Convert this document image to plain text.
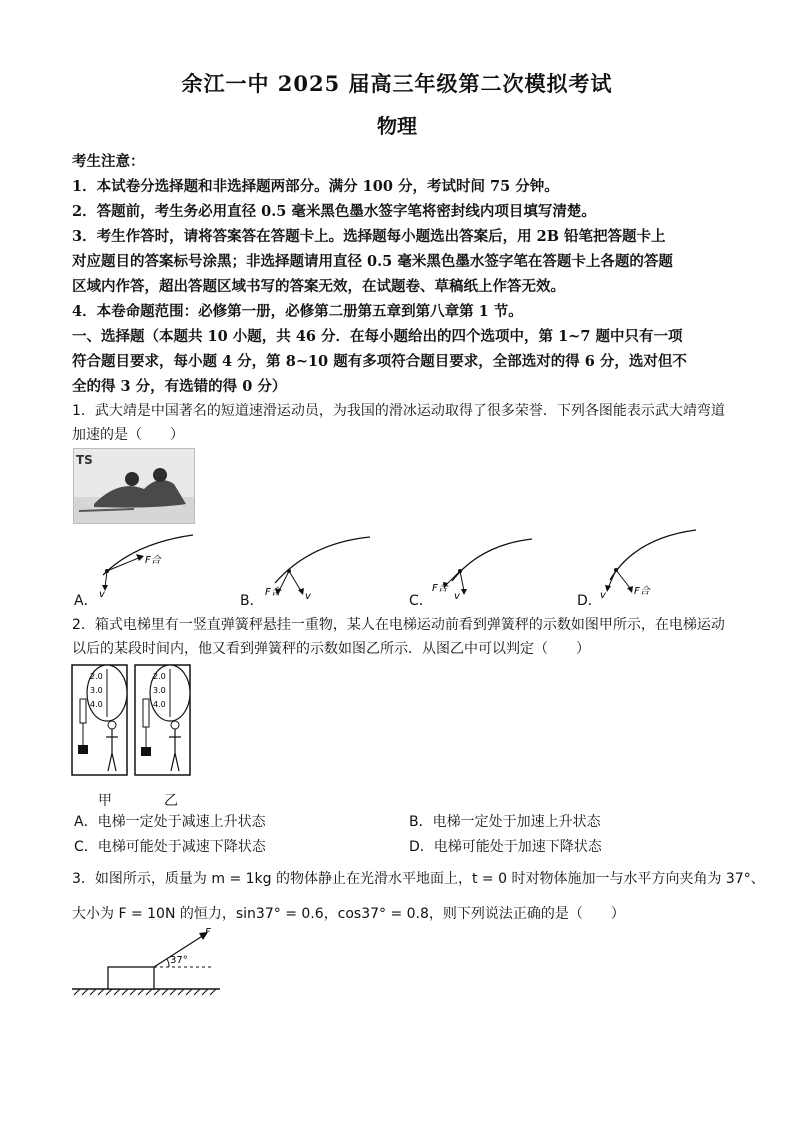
余江一中 2025 届高三年级第二次模拟考试
物理
考生注意：
1．本试卷分选择题和非选择题两部分。满分 100 分，考试时间 75 分钟。
2．答题前，考生务必用直径 0.5 毫米黑色墨水签字笔将密封线内项目填写清楚。
3．考生作答时，请将答案答在答题卡上。选择题每小题选出答案后，用 2B 铅笔把答题卡上
对应题目的答案标号涂黑；非选择题请用直径 0.5 毫米黑色墨水签字笔在答题卡上各题的答题
区域内作答，超出答题区域书写的答案无效，在试题卷、草稿纸上作答无效。
4．本卷命题范围：必修第一册，必修第二册第五章到第八章第 1 节。
一、选择题（本题共 10 小题，共 46 分．在每小题给出的四个选项中，第 1~7 题中只有一项
符合题目要求，每小题 4 分，第 8~10 题有多项符合题目要求，全部选对的得 6 分，选对但不
全的得 3 分，有选错的得 0 分）
1．武大靖是中国著名的短道速滑运动员，为我国的滑冰运动取得了很多荣誉．下列各图能表示武大靖弯道
加速的是（　　）
TS
F合
v
A．
F合 v
B．
F合
v
C．
F合
v
D．
2．箱式电梯里有一竖直弹簧秤悬挂一重物，某人在电梯运动前看到弹簧秤的示数如图甲所示，在电梯运动
以后的某段时间内，他又看到弹簧秤的示数如图乙所示．从图乙中可以判定（　　）
2.0
3.0
4.0
2.0
3.0
4.0
甲	乙
A．电梯一定处于减速上升状态	B．电梯一定处于加速上升状态
C．电梯可能处于减速下降状态	D．电梯可能处于加速下降状态
3．如图所示，质量为 m = 1kg 的物体静止在光滑水平地面上，t = 0 时对物体施加一与水平方向夹角为 37°、
大小为 F = 10N 的恒力，sin37° = 0.6，cos37° = 0.8，则下列说法正确的是（　　）
F
37°
